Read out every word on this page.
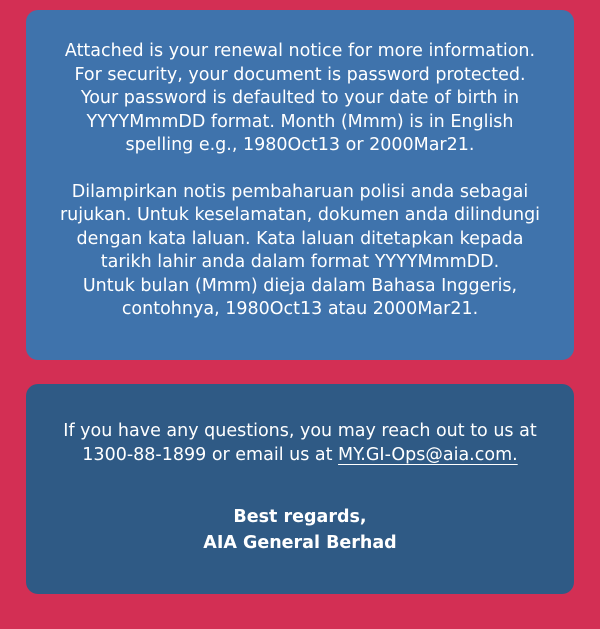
Attached is your renewal notice for more information.
For security, your document is password protected.
Your password is defaulted to your date of birth in
YYYYMmmDD format. Month (Mmm) is in English
spelling e.g., 1980Oct13 or 2000Mar21.

Dilampirkan notis pembaharuan polisi anda sebagai
rujukan. Untuk keselamatan, dokumen anda dilindungi
dengan kata laluan. Kata laluan ditetapkan kepada
tarikh lahir anda dalam format YYYYMmmDD.
Untuk bulan (Mmm) dieja dalam Bahasa Inggeris,
contohnya, 1980Oct13 atau 2000Mar21.

If you have any questions, you may reach out to us at

1300-88-1899 or email us at MY.GI-Ops@aia.com.

Best regards,
AIA General Berhad
